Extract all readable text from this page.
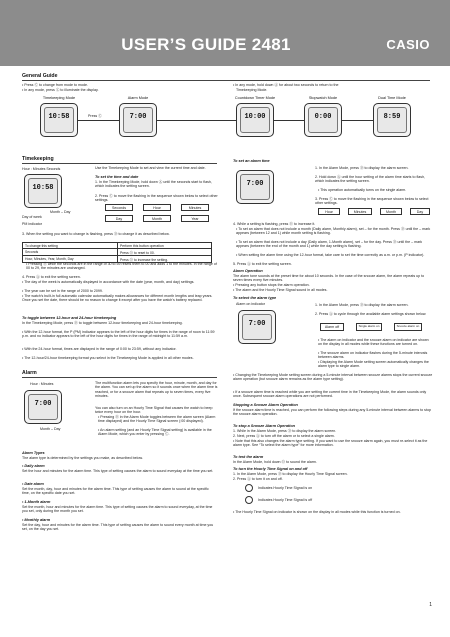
USER’S GUIDE 2481	CASIO
General Guide
• Press Ⓒ to change from mode to mode.
• In any mode, press Ⓛ to illuminate the display.
• In any mode, hold down Ⓐ for about two seconds to return to the
Timekeeping Mode.
Timekeeping Mode	Alarm Mode	Countdown Timer Mode	Stopwatch Mode	Dual Time Mode
10:58	7:00	10:00	0:00	8:59
Press Ⓒ
Timekeeping
10:58
Hour : Minutes Seconds
Month – Day
Day of week
PM indicator
Use the Timekeeping Mode to set and view the current time and date.
To set the time and date
1. In the Timekeeping Mode, hold down Ⓐ until the seconds start to flash, which indicates the setting screen.
2. Press Ⓒ to move the flashing in the sequence shown below to select other settings.
Seconds	Hour	Minutes
Day	Month	Year
3. When the setting you want to change is flashing, press Ⓓ to change it as described below.
To change this setting	Perform this button operation
Seconds	Press Ⓓ to reset to 00.
Hour, Minutes, Year, Month, Day	Press Ⓓ to increase the setting.
• Pressing Ⓓ while the seconds are in the range of 30 to 59 resets them to 00 and adds 1 to the minutes. In the range of 00 to 29, the minutes are unchanged.
4. Press Ⓐ to exit the setting screen.
• The day of the week is automatically displayed in accordance with the date (year, month, and day) settings.
• The year can be set in the range of 2000 to 2099.
• The watch’s built-in full automatic calendar automatically makes allowances for different month lengths and leap years. Once you set the date, there should be no reason to change it except after you have the watch’s battery replaced.
To toggle between 12-hour and 24-hour timekeeping
In the Timekeeping Mode, press Ⓓ to toggle between 12-hour timekeeping and 24-hour timekeeping.
• With the 12-hour format, the P (PM) indicator appears to the left of the hour digits for times in the range of noon to 11:59 p.m. and no indicator appears to the left of the hour digits for times in the range of midnight to 11:59 a.m.
• With the 24-hour format, times are displayed in the range of 0:00 to 23:59, without any indicator.
• The 12-hour/24-hour timekeeping format you select in the Timekeeping Mode is applied in all other modes.
Alarm
7:00
Hour : Minutes
Month – Day
The multifunction alarm lets you specify the hour, minute, month, and day for the alarm. You can set up the alarm so it sounds once when the alarm time is reached, or for a snooze alarm that repeats up to seven times, every five minutes.
You can also turn on an Hourly Time Signal that causes the watch to beep twice every hour on the hour.
• Pressing Ⓓ in the Alarm Mode toggles between the alarm screen (Alarm time displayed) and the Hourly Time Signal screen (:00 displayed).
• An alarm setting (and an Hourly Time Signal setting) is available in the Alarm Mode, which you enter by pressing Ⓒ.
Alarm Types
The alarm type is determined by the settings you make, as described below.
• Daily alarm
Set the hour and minutes for the alarm time. This type of setting causes the alarm to sound everyday at the time you set.
• Date alarm
Set the month, day, hour and minutes for the alarm time. This type of setting causes the alarm to sound at the specific time, on the specific date you set.
• 1-Month alarm
Set the month, hour and minutes for the alarm time. This type of setting causes the alarm to sound everyday, at the time you set, only during the month you set.
• Monthly alarm
Set the day, hour and minutes for the alarm time. This type of setting causes the alarm to sound every month at time you set, on the day you set.
To set an alarm time
7:00
1. In the Alarm Mode, press Ⓓ to display the alarm screen.
2. Hold down Ⓐ until the hour setting of the alarm time starts to flash, which indicates the setting screen.
• This operation automatically turns on the single alarm.
3. Press Ⓒ to move the flashing in the sequence shown below to select other settings.
Hour	Minutes	Month	Day
4. While a setting is flashing, press Ⓓ to increase it.
• To set an alarm that does not include a month (Daily alarm, Monthly alarm), set – for the month. Press Ⓓ until the – mark appears (between 12 and 1) while month setting is flashing.
• To set an alarm that does not include a day (Daily alarm, 1-Month alarm), set – for the day. Press Ⓓ until the – mark appears (between the end of the month and 1) while the day setting is flashing.
• When setting the alarm time using the 12-hour format, take care to set the time correctly as a.m. or p.m. (P indicator).
5. Press Ⓐ to exit the setting screen.
Alarm Operation
The alarm tone sounds at the preset time for about 10 seconds. In the case of the snooze alarm, the alarm repeats up to seven times every five minutes.
• Pressing any button stops the alarm operation.
• The alarm and the Hourly Time Signal sound in all modes.
To select the alarm type
Alarm on indicator
7:00
1. In the Alarm Mode, press Ⓓ to display the alarm screen.
2. Press Ⓐ to cycle through the available alarm settings shown below.
Alarm off	Single alarm on	Snooze alarm on
• The alarm on indicator and the snooze alarm on indicator are shown on the display in all modes while these functions are turned on.
• The snooze alarm on indicator flashes during the 5-minute intervals between alarms.
• Displaying the Alarm Mode setting screen automatically changes the alarm type to single alarm.
• Changing the Timekeeping Mode setting screen during a 5-minute interval between snooze alarms stops the current snooze alarm operation (but snooze alarm remains as the alarm type setting).
• If a snooze alarm time is reached while you are setting the current time in the Timekeeping Mode, the alarm sounds only once. Subsequent snooze alarm operations are not performed.
Stopping a Snooze Alarm Operation
If the snooze alarm time is reached, you can perform the following steps during any 5-minute interval between alarms to stop the snooze alarm operation.
To stop a Snooze Alarm Operation
1. While in the Alarm Mode, press Ⓓ to display the alarm screen.
2. Next, press Ⓐ to turn off the alarm or to select a single alarm.
• Note that this also changes the alarm type setting. If you want to use the snooze alarm again, you must re-select it as the alarm type. See “To select the alarm type” for more information.
To test the alarm
In the Alarm Mode, hold down Ⓓ to sound the alarm.
To turn the Hourly Time Signal on and off
1. In the Alarm Mode, press Ⓓ to display the Hourly Time Signal screen.
2. Press Ⓐ to turn it on and off.
Indicates Hourly Time Signal is on
Indicates Hourly Time Signal is off
• The Hourly Time Signal on indicator is shown on the display in all modes while this function is turned on.
1
